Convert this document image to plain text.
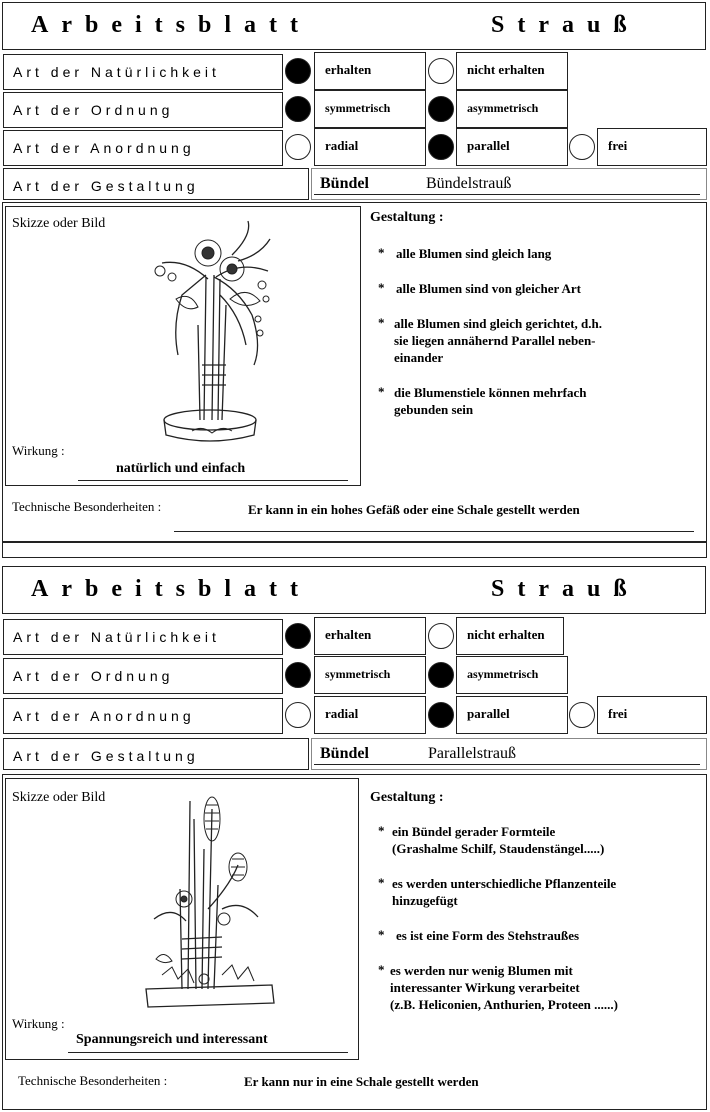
Arbeitsblatt	Strauß
Art der Natürlichkeit	erhalten	nicht erhalten
Art der Ordnung	symmetrisch	asymmetrisch
Art der Anordnung	radial	parallel	frei
Art der Gestaltung	Bündel	Bündelstrauß
Skizze oder Bild
Wirkung :
natürlich und einfach
Gestaltung :
* alle Blumen sind gleich lang
* alle Blumen sind von gleicher Art
* alle Blumen sind gleich gerichtet, d.h.
sie liegen annähernd Parallel neben-
einander
* die Blumenstiele können mehrfach
gebunden sein
Technische Besonderheiten :	Er kann in ein hohes Gefäß oder eine Schale gestellt werden
Arbeitsblatt	Strauß
Art der Natürlichkeit	erhalten	nicht erhalten
Art der Ordnung	symmetrisch	asymmetrisch
Art der Anordnung	radial	parallel	frei
Art der Gestaltung	Bündel	Parallelstrauß
Skizze oder Bild
Wirkung :
Spannungsreich und interessant
Gestaltung :
* ein Bündel gerader Formteile
(Grashalme Schilf, Staudenstängel.....)
* es werden unterschiedliche Pflanzenteile
hinzugefügt
* es ist eine Form des Stehstraußes
* es werden nur wenig Blumen mit
interessanter Wirkung verarbeitet
(z.B. Heliconien, Anthurien, Proteen ......)
Technische Besonderheiten :	Er kann nur in eine Schale gestellt werden
